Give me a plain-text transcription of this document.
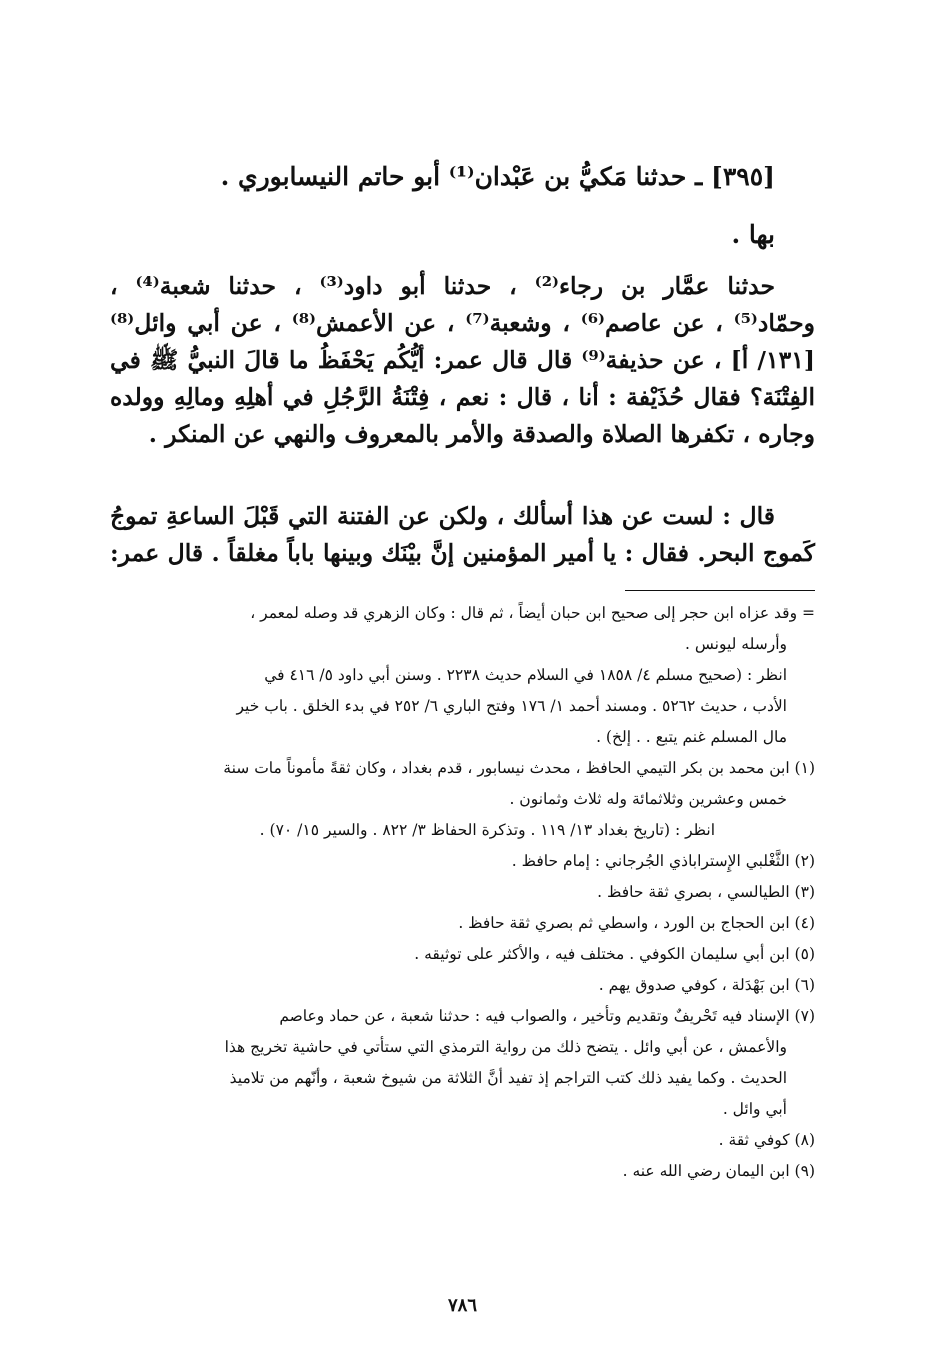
[٣٩٥] ـ حدثنا مَكيُّ بن عَبْدان⁽¹⁾ أبو حاتم النيسابوري .
بها .
حدثنا عمَّار بن رجاء⁽²⁾ ، حدثنا أبو داود⁽³⁾ ، حدثنا شعبة⁽⁴⁾ ،
وحمّاد⁽⁵⁾ ، عن عاصم⁽⁶⁾ ، وشعبة⁽⁷⁾ ، عن الأعمش⁽⁸⁾ ، عن أبي وائل⁽⁸⁾
[١٣١/ أ] ، عن حذيفة⁽⁹⁾ قال قال عمر: أيُّكُم يَحْفَظُ ما قالَ النبيُّ ﷺ في
الفِتْنَة؟ فقال حُذَيْفة : أنا ، قال : نعم ، فِتْنَةُ الرَّجُلِ في أهلِهِ ومالِهِ وولده
وجاره ، تكفرها الصلاة والصدقة والأمر بالمعروف والنهي عن المنكر .
قال : لست عن هذا أسألك ، ولكن عن الفتنة التي قَبْلَ الساعةِ تموجُ
كَموج البحر. فقال : يا أمير المؤمنين إنَّ بيْنَك وبينها باباً مغلقاً . قال عمر:
= وقد عزاه ابن حجر إلى صحيح ابن حبان أيضاً ، ثم قال : وكان الزهري قد وصله لمعمر ،
وأرسله ليونس .
انظر : (صحيح مسلم ٤/ ١٨٥٨ في السلام حديث ٢٢٣٨ . وسنن أبي داود ٥/ ٤١٦ في
الأدب ، حديث ٥٢٦٢ . ومسند أحمد ١/ ١٧٦ وفتح الباري ٦/ ٢٥٢ في بدء الخلق . باب خير
مال المسلم غنم يتبع . . إلخ) .
(١) ابن محمد بن بكر التيمي الحافظ ، محدث نيسابور ، قدم بغداد ، وكان ثقةً مأموناً مات سنة
خمس وعشرين وثلاثمائة وله ثلاث وثمانون .
انظر : (تاريخ بغداد ١٣/ ١١٩ . وتذكرة الحفاظ ٣/ ٨٢٢ . والسير ١٥/ ٧٠) .
(٢) الثَّغْلبي الإِستراباذي الجُرجاني : إمام حافظ .
(٣) الطيالسي ، بصري ثقة حافظ .
(٤) ابن الحجاج بن الورد ، واسطي ثم بصري ثقة حافظ .
(٥) ابن أبي سليمان الكوفي . مختلف فيه ، والأكثر على توثيقه .
(٦) ابن بَهْدَلة ، كوفي صدوق يهم .
(٧) الإسناد فيه تَحْريفٌ وتقديم وتأخير ، والصواب فيه : حدثنا شعبة ، عن حماد وعاصم
والأعمش ، عن أبي وائل . يتضح ذلك من رواية الترمذي التي ستأتي في حاشية تخريج هذا
الحديث . وكما يفيد ذلك كتب التراجم إذ تفيد أنَّ الثلاثة من شيوخ شعبة ، وأنّهم من تلاميذ
أبي وائل .
(٨) كوفي ثقة .
(٩) ابن اليمان رضي الله عنه .
٧٨٦
